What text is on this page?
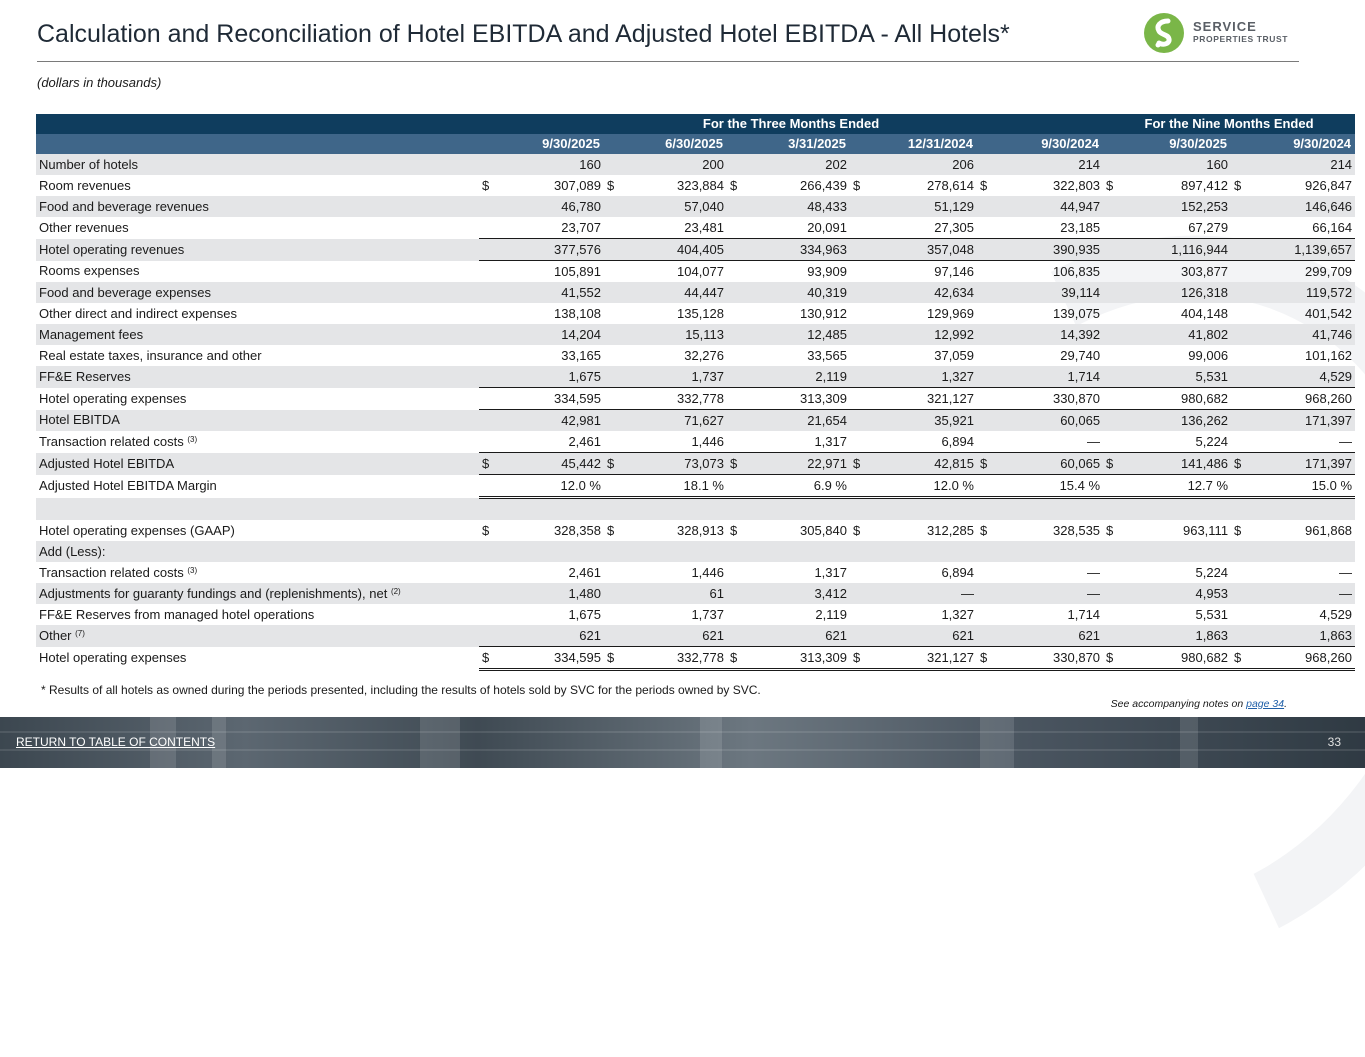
Calculation and Reconciliation of Hotel EBITDA and Adjusted Hotel EBITDA - All Hotels*	SERVICE
PROPERTIES TRUST
(dollars in thousands)
	For the Three Months Ended										For the Nine Months Ended			
	9/30/2025		6/30/2025		3/31/2025		12/31/2024		9/30/2024		9/30/2025		9/30/2024	
Number of hotels		160		200		202		206		214		160		214
Room revenues	$	307,089	$	323,884	$	266,439	$	278,614	$	322,803	$	897,412	$	926,847
Food and beverage revenues		46,780		57,040		48,433		51,129		44,947		152,253		146,646
Other revenues		23,707		23,481		20,091		27,305		23,185		67,279		66,164
Hotel operating revenues		377,576		404,405		334,963		357,048		390,935		1,116,944		1,139,657
Rooms expenses		105,891		104,077		93,909		97,146		106,835		303,877		299,709
Food and beverage expenses		41,552		44,447		40,319		42,634		39,114		126,318		119,572
Other direct and indirect expenses		138,108		135,128		130,912		129,969		139,075		404,148		401,542
Management fees		14,204		15,113		12,485		12,992		14,392		41,802		41,746
Real estate taxes, insurance and other		33,165		32,276		33,565		37,059		29,740		99,006		101,162
FF&E Reserves		1,675		1,737		2,119		1,327		1,714		5,531		4,529
Hotel operating expenses		334,595		332,778		313,309		321,127		330,870		980,682		968,260
Hotel EBITDA		42,981		71,627		21,654		35,921		60,065		136,262		171,397
Transaction related costs $^{(3)}$		2,461		1,446		1,317		6,894		—		5,224		—
Adjusted Hotel EBITDA	$	45,442	$	73,073	$	22,971	$	42,815	$	60,065	$	141,486	$	171,397
Adjusted Hotel EBITDA Margin		12.0 %		18.1 %		6.9 %		12.0 %		15.4 %		12.7 %		15.0 %

Hotel operating expenses (GAAP)	$	328,358	$	328,913	$	305,840	$	312,285	$	328,535	$	963,111	$	961,868
Add (Less):														
Transaction related costs $^{(3)}$		2,461		1,446		1,317		6,894		—		5,224		—
Adjustments for guaranty fundings and (replenishments), net $^{(2)}$		1,480		61		3,412		—		—		4,953		—
FF&E Reserves from managed hotel operations		1,675		1,737		2,119		1,327		1,714		5,531		4,529
Other $^{(7)}$		621		621		621		621		621		1,863		1,863
Hotel operating expenses	$	334,595	$	332,778	$	313,309	$	321,127	$	330,870	$	980,682	$	968,260
* Results of all hotels as owned during the periods presented, including the results of hotels sold by SVC for the periods owned by SVC.
See accompanying notes on page 34.
RETURN TO TABLE OF CONTENTS	33
